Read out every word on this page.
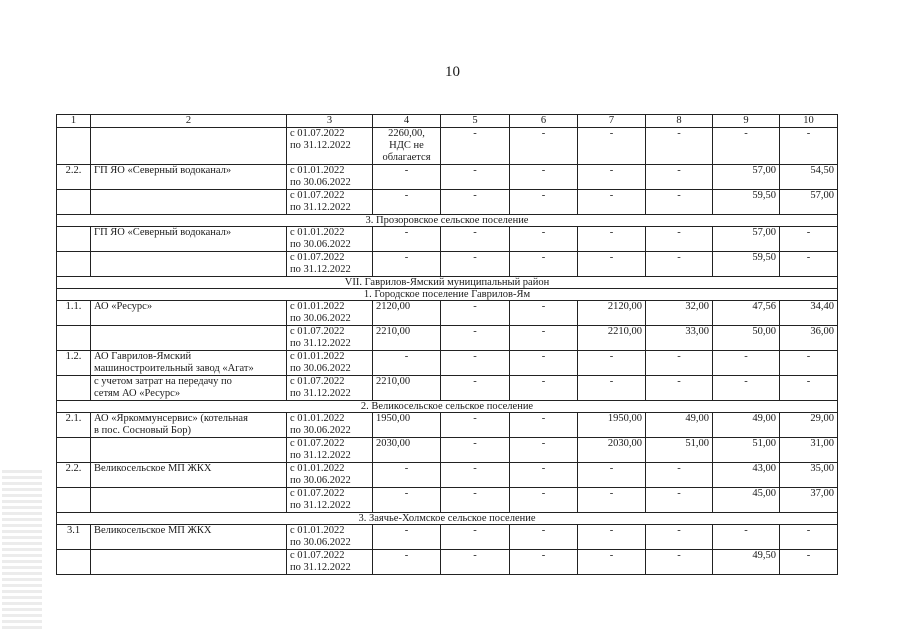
10
1	2	3	4	5	6	7	8	9	10
		с 01.07.2022
по 31.12.2022	2260,00,
НДС не
облагается	-	-	-	-	-	-
2.2.	ГП ЯО «Северный водоканал»	с 01.01.2022
по 30.06.2022	-	-	-	-	-	57,00	54,50
		с 01.07.2022
по 31.12.2022	-	-	-	-	-	59,50	57,00
3. Прозоровское сельское поселение									
	ГП ЯО «Северный водоканал»	с 01.01.2022
по 30.06.2022	-	-	-	-	-	57,00	-
		с 01.07.2022
по 31.12.2022	-	-	-	-	-	59,50	-
VII. Гаврилов-Ямский муниципальный район									
1. Городское поселение Гаврилов-Ям									
1.1.	АО «Ресурс»	с 01.01.2022
по 30.06.2022	2120,00	-	-	2120,00	32,00	47,56	34,40
		с 01.07.2022
по 31.12.2022	2210,00	-	-	2210,00	33,00	50,00	36,00
1.2.	АО Гаврилов-Ямский
машиностроительный завод «Агат»	с 01.01.2022
по 30.06.2022	-	-	-	-	-	-	-
	с учетом затрат на передачу по
сетям АО «Ресурс»	с 01.07.2022
по 31.12.2022	2210,00	-	-	-	-	-	-
2. Великосельское сельское поселение									
2.1.	АО «Яркоммунсервис» (котельная
в пос. Сосновый Бор)	с 01.01.2022
по 30.06.2022	1950,00	-	-	1950,00	49,00	49,00	29,00
		с 01.07.2022
по 31.12.2022	2030,00	-	-	2030,00	51,00	51,00	31,00
2.2.	Великосельское МП ЖКХ	с 01.01.2022
по 30.06.2022	-	-	-	-	-	43,00	35,00
		с 01.07.2022
по 31.12.2022	-	-	-	-	-	45,00	37,00
3. Заячье-Холмское сельское поселение									
3.1	Великосельское МП ЖКХ	с 01.01.2022
по 30.06.2022	-	-	-	-	-	-	-
		с 01.07.2022
по 31.12.2022	-	-	-	-	-	49,50	-
